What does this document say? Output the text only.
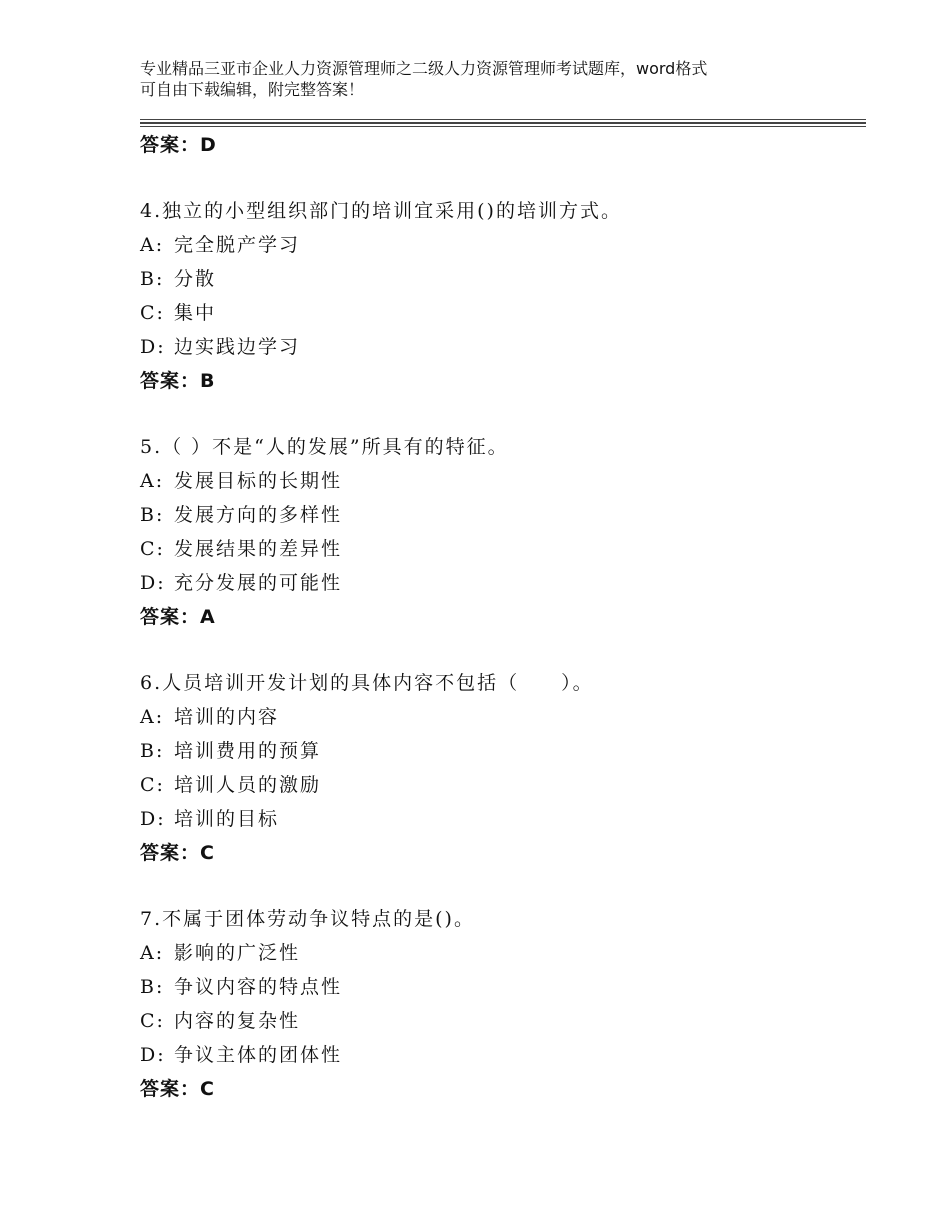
专业精品三亚市企业人力资源管理师之二级人力资源管理师考试题库，word格式
可自由下载编辑，附完整答案！
答案：D
4.独立的小型组织部门的培训宜采用()的培训方式。
A: 完全脱产学习
B: 分散
C: 集中
D: 边实践边学习
答案：B
5.（ ）不是“人的发展”所具有的特征。
A: 发展目标的长期性
B: 发展方向的多样性
C: 发展结果的差异性
D: 充分发展的可能性
答案：A
6.人员培训开发计划的具体内容不包括（　　）。
A: 培训的内容
B: 培训费用的预算
C: 培训人员的激励
D: 培训的目标
答案：C
7.不属于团体劳动争议特点的是()。
A: 影响的广泛性
B: 争议内容的特点性
C: 内容的复杂性
D: 争议主体的团体性
答案：C
